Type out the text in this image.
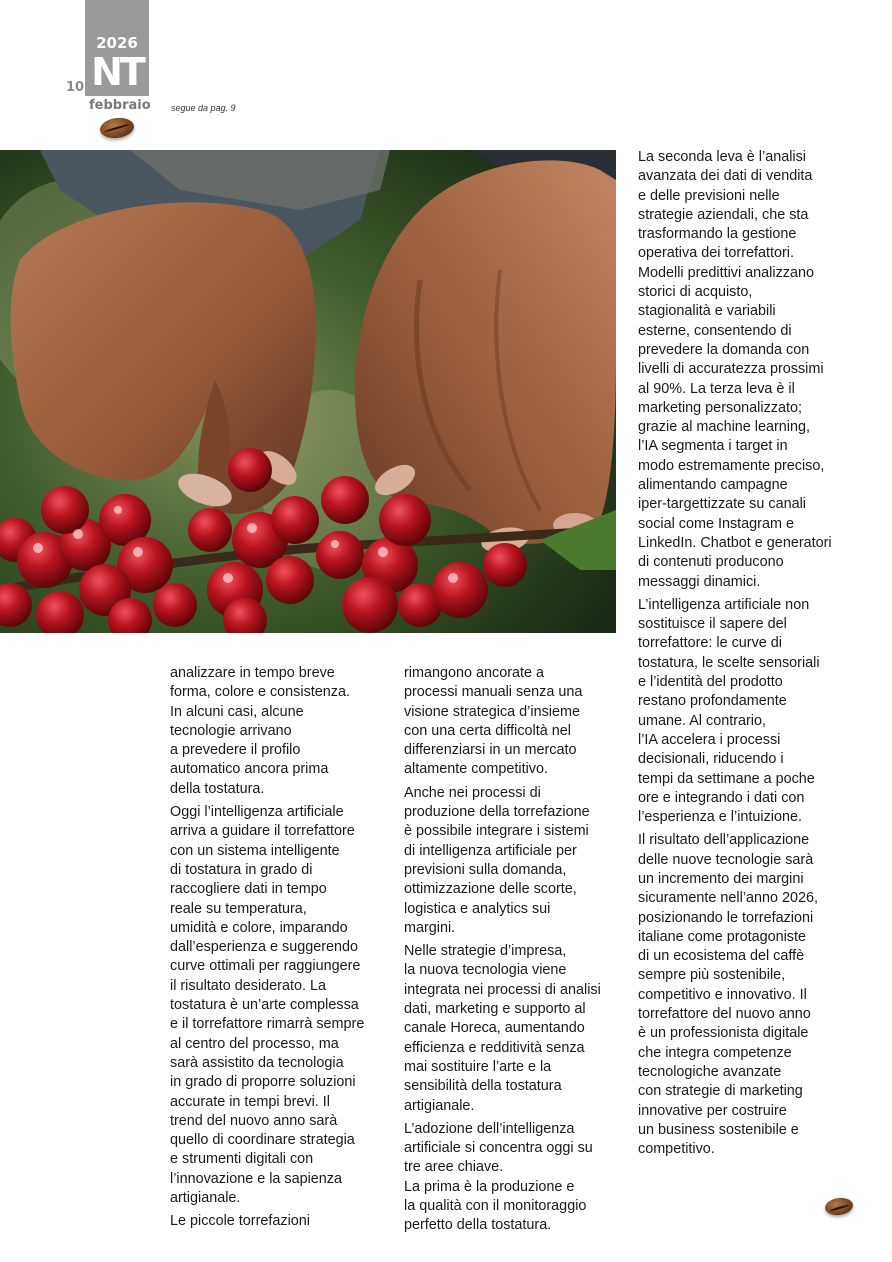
10
2026
NT
febbraio segue da pag. 9

analizzare in tempo breve
forma, colore e consistenza.
In alcuni casi, alcune
tecnologie arrivano
a prevedere il profilo
automatico ancora prima
della tostatura.

Oggi l’intelligenza artificiale
arriva a guidare il torrefattore
con un sistema intelligente
di tostatura in grado di
raccogliere dati in tempo
reale su temperatura,
umidità e colore, imparando
dall’esperienza e suggerendo
curve ottimali per raggiungere
il risultato desiderato. La
tostatura è un’arte complessa
e il torrefattore rimarrà sempre
al centro del processo, ma
sarà assistito da tecnologia
in grado di proporre soluzioni
accurate in tempi brevi. Il
trend del nuovo anno sarà
quello di coordinare strategia
e strumenti digitali con
l’innovazione e la sapienza
artigianale.

Le piccole torrefazioni

rimangono ancorate a
processi manuali senza una
visione strategica d’insieme
con una certa difficoltà nel
differenziarsi in un mercato
altamente competitivo.

Anche nei processi di
produzione della torrefazione
è possibile integrare i sistemi
di intelligenza artificiale per
previsioni sulla domanda,
ottimizzazione delle scorte,
logistica e analytics sui
margini.

Nelle strategie d’impresa,
la nuova tecnologia viene
integrata nei processi di analisi
dati, marketing e supporto al
canale Horeca, aumentando
efficienza e redditività senza
mai sostituire l’arte e la
sensibilità della tostatura
artigianale.

L’adozione dell’intelligenza
artificiale si concentra oggi su
tre aree chiave.
La prima è la produzione e
la qualità con il monitoraggio
perfetto della tostatura.

La seconda leva è l’analisi
avanzata dei dati di vendita
e delle previsioni nelle
strategie aziendali, che sta
trasformando la gestione
operativa dei torrefattori.
Modelli predittivi analizzano
storici di acquisto,
stagionalità e variabili
esterne, consentendo di
prevedere la domanda con
livelli di accuratezza prossimi
al 90%. La terza leva è il
marketing personalizzato;
grazie al machine learning,
l’IA segmenta i target in
modo estremamente preciso,
alimentando campagne
iper-targettizzate su canali
social come Instagram e
LinkedIn. Chatbot e generatori
di contenuti producono
messaggi dinamici.

L’intelligenza artificiale non
sostituisce il sapere del
torrefattore: le curve di
tostatura, le scelte sensoriali
e l’identità del prodotto
restano profondamente
umane. Al contrario,
l’IA accelera i processi
decisionali, riducendo i
tempi da settimane a poche
ore e integrando i dati con
l’esperienza e l’intuizione.

Il risultato dell’applicazione
delle nuove tecnologie sarà
un incremento dei margini
sicuramente nell’anno 2026,
posizionando le torrefazioni
italiane come protagoniste
di un ecosistema del caffè
sempre più sostenibile,
competitivo e innovativo. Il
torrefattore del nuovo anno
è un professionista digitale
che integra competenze
tecnologiche avanzate
con strategie di marketing
innovative per costruire
un business sostenibile e
competitivo.
